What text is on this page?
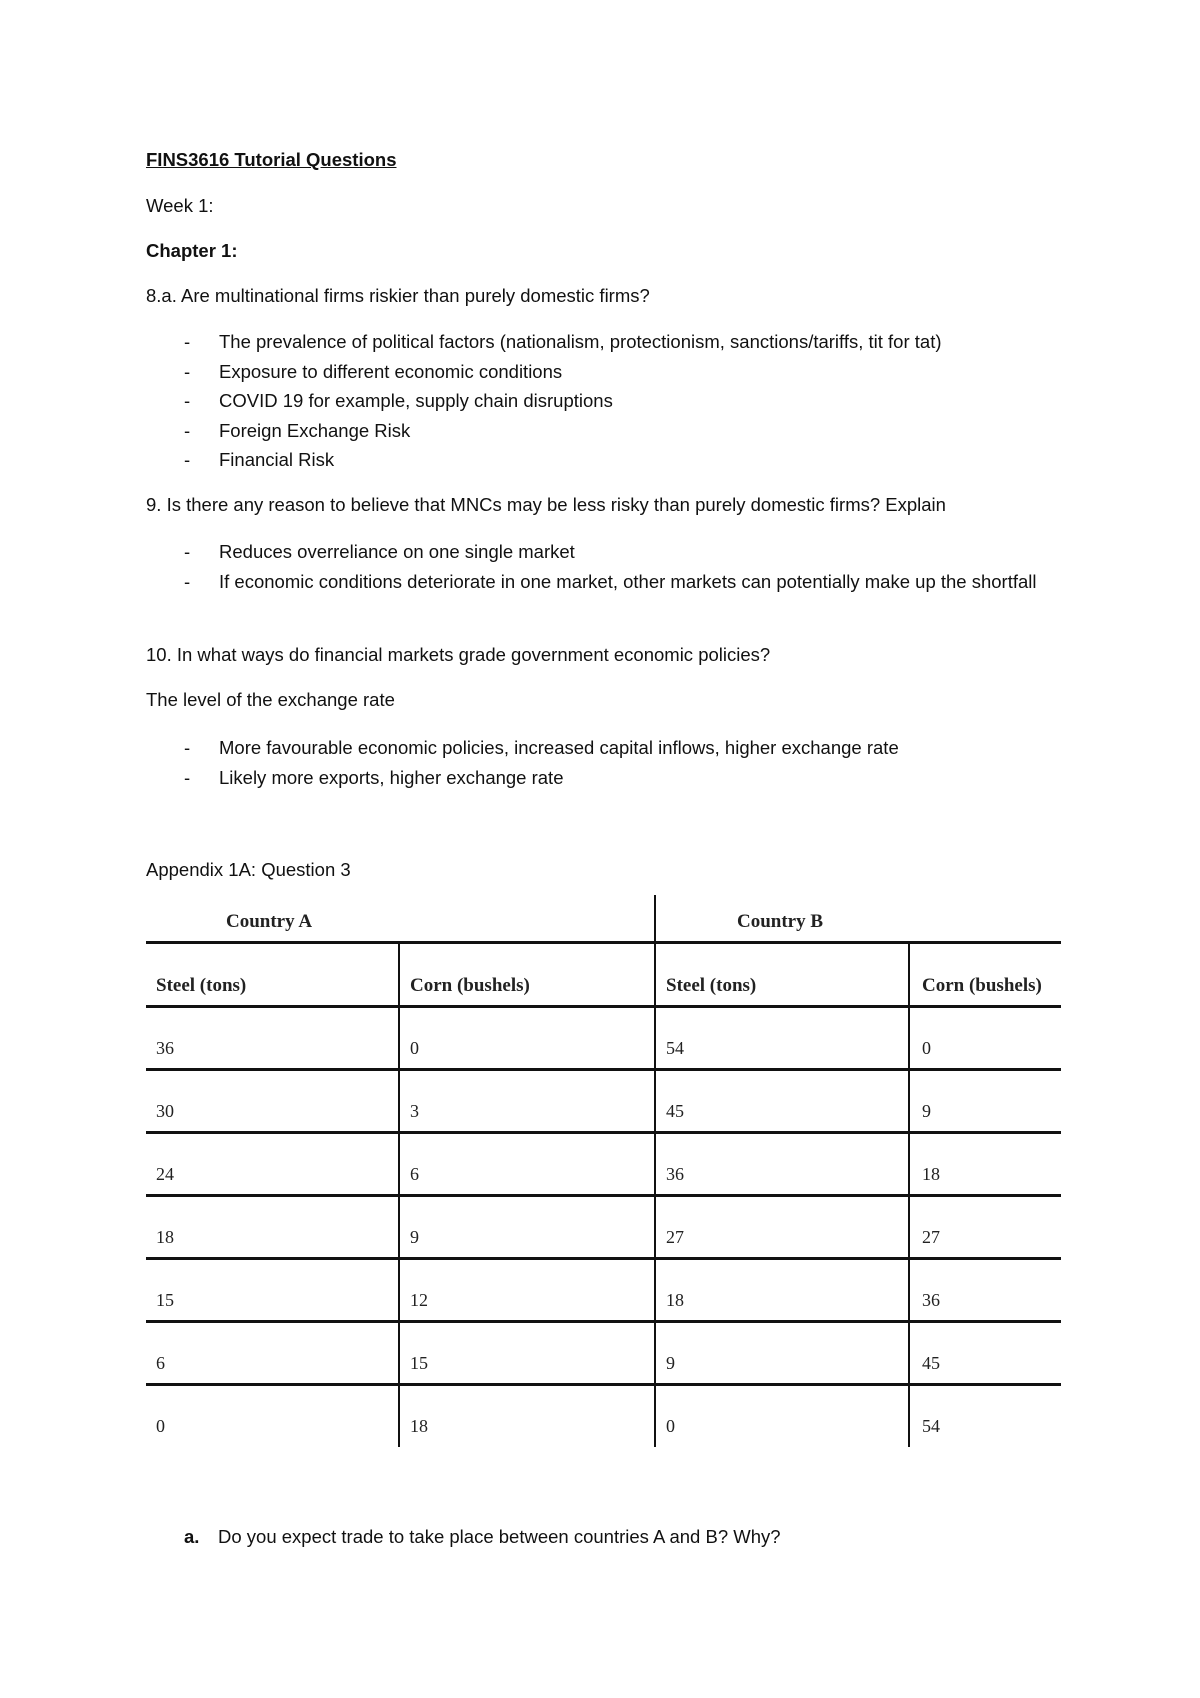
FINS3616 Tutorial Questions
Week 1:
Chapter 1:
8.a. Are multinational firms riskier than purely domestic firms?
- The prevalence of political factors (nationalism, protectionism, sanctions/tariffs, tit for tat)
- Exposure to different economic conditions
- COVID 19 for example, supply chain disruptions
- Foreign Exchange Risk
- Financial Risk
9. Is there any reason to believe that MNCs may be less risky than purely domestic firms? Explain
- Reduces overreliance on one single market
- If economic conditions deteriorate in one market, other markets can potentially make up the shortfall
10. In what ways do financial markets grade government economic policies?
The level of the exchange rate
- More favourable economic policies, increased capital inflows, higher exchange rate
- Likely more exports, higher exchange rate
Appendix 1A: Question 3
Country A	Country B
Steel (tons)	Corn (bushels)	Steel (tons)	Corn (bushels)
36	0	54	0
30	3	45	9
24	6	36	18
18	9	27	27
15	12	18	36
6	15	9	45
0	18	0	54
a. Do you expect trade to take place between countries A and B? Why?
